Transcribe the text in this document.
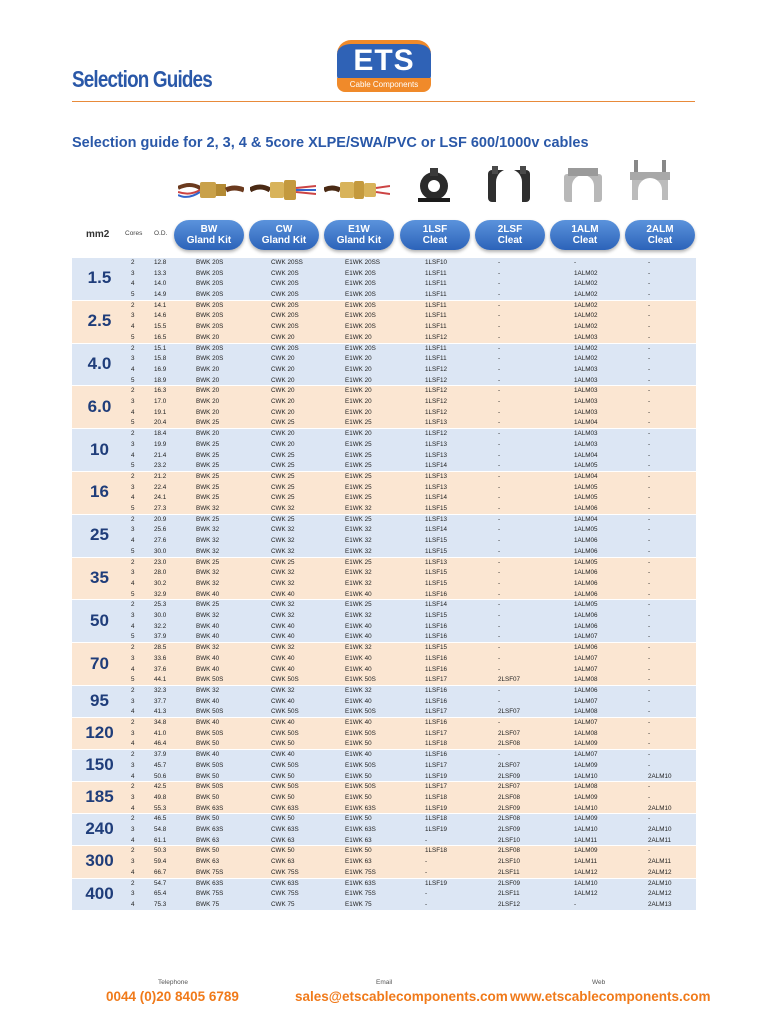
Selection Guides
ETS
Cable Components
Selection guide for 2, 3, 4 & 5core XLPE/SWA/PVC or LSF 600/1000v cables
mm2 Cores O.D.	BW
Gland Kit
CW
Gland Kit
E1W
Gland Kit
1LSF
Cleat
2LSF
Cleat
1ALM
Cleat
2ALM
Cleat
1.5
2	12.8	BWK 20S	CWK 20SS	E1WK 20SS	1LSF10	-	-	-
3	13.3	BWK 20S	CWK 20S	E1WK 20S	1LSF11	-	1ALM02	-
4	14.0	BWK 20S	CWK 20S	E1WK 20S	1LSF11	-	1ALM02	-
5	14.9	BWK 20S	CWK 20S	E1WK 20S	1LSF11	-	1ALM02	-
2.5
2	14.1	BWK 20S	CWK 20S	E1WK 20S	1LSF11	-	1ALM02	-
3	14.6	BWK 20S	CWK 20S	E1WK 20S	1LSF11	-	1ALM02	-
4	15.5	BWK 20S	CWK 20S	E1WK 20S	1LSF11	-	1ALM02	-
5	16.5	BWK 20	CWK 20	E1WK 20	1LSF12	-	1ALM03	-
4.0
2	15.1	BWK 20S	CWK 20S	E1WK 20S	1LSF11	-	1ALM02	-
3	15.8	BWK 20S	CWK 20	E1WK 20	1LSF11	-	1ALM02	-
4	16.9	BWK 20	CWK 20	E1WK 20	1LSF12	-	1ALM03	-
5	18.9	BWK 20	CWK 20	E1WK 20	1LSF12	-	1ALM03	-
6.0
2	16.3	BWK 20	CWK 20	E1WK 20	1LSF12	-	1ALM03	-
3	17.0	BWK 20	CWK 20	E1WK 20	1LSF12	-	1ALM03	-
4	19.1	BWK 20	CWK 20	E1WK 20	1LSF12	-	1ALM03	-
5	20.4	BWK 25	CWK 25	E1WK 25	1LSF13	-	1ALM04	-
10
2	18.4	BWK 20	CWK 20	E1WK 20	1LSF12	-	1ALM03	-
3	19.9	BWK 25	CWK 20	E1WK 25	1LSF13	-	1ALM03	-
4	21.4	BWK 25	CWK 25	E1WK 25	1LSF13	-	1ALM04	-
5	23.2	BWK 25	CWK 25	E1WK 25	1LSF14	-	1ALM05	-
16
2	21.2	BWK 25	CWK 25	E1WK 25	1LSF13	-	1ALM04	-
3	22.4	BWK 25	CWK 25	E1WK 25	1LSF13	-	1ALM05	-
4	24.1	BWK 25	CWK 25	E1WK 25	1LSF14	-	1ALM05	-
5	27.3	BWK 32	CWK 32	E1WK 32	1LSF15	-	1ALM06	-
25
2	20.9	BWK 25	CWK 25	E1WK 25	1LSF13	-	1ALM04	-
3	25.6	BWK 32	CWK 32	E1WK 32	1LSF14	-	1ALM05	-
4	27.6	BWK 32	CWK 32	E1WK 32	1LSF15	-	1ALM06	-
5	30.0	BWK 32	CWK 32	E1WK 32	1LSF15	-	1ALM06	-
35
2	23.0	BWK 25	CWK 25	E1WK 25	1LSF13	-	1ALM05	-
3	28.0	BWK 32	CWK 32	E1WK 32	1LSF15	-	1ALM06	-
4	30.2	BWK 32	CWK 32	E1WK 32	1LSF15	-	1ALM06	-
5	32.9	BWK 40	CWK 40	E1WK 40	1LSF16	-	1ALM06	-
50
2	25.3	BWK 25	CWK 32	E1WK 25	1LSF14	-	1ALM05	-
3	30.0	BWK 32	CWK 32	E1WK 32	1LSF15	-	1ALM06	-
4	32.2	BWK 40	CWK 40	E1WK 40	1LSF16	-	1ALM06	-
5	37.9	BWK 40	CWK 40	E1WK 40	1LSF16	-	1ALM07	-
70
2	28.5	BWK 32	CWK 32	E1WK 32	1LSF15	-	1ALM06	-
3	33.6	BWK 40	CWK 40	E1WK 40	1LSF16	-	1ALM07	-
4	37.6	BWK 40	CWK 40	E1WK 40	1LSF16	-	1ALM07	-
5	44.1	BWK 50S	CWK 50S	E1WK 50S	1LSF17	2LSF07	1ALM08	-
95
2	32.3	BWK 32	CWK 32	E1WK 32	1LSF16	-	1ALM06	-
3	37.7	BWK 40	CWK 40	E1WK 40	1LSF16	-	1ALM07	-
4	41.3	BWK 50S	CWK 50S	E1WK 50S	1LSF17	2LSF07	1ALM08	-
120
2	34.8	BWK 40	CWK 40	E1WK 40	1LSF16	-	1ALM07	-
3	41.0	BWK 50S	CWK 50S	E1WK 50S	1LSF17	2LSF07	1ALM08	-
4	46.4	BWK 50	CWK 50	E1WK 50	1LSF18	2LSF08	1ALM09	-
150
2	37.9	BWK 40	CWK 40	E1WK 40	1LSF16	-	1ALM07	-
3	45.7	BWK 50S	CWK 50S	E1WK 50S	1LSF17	2LSF07	1ALM09	-
4	50.6	BWK 50	CWK 50	E1WK 50	1LSF19	2LSF09	1ALM10	2ALM10
185
2	42.5	BWK 50S	CWK 50S	E1WK 50S	1LSF17	2LSF07	1ALM08	-
3	49.8	BWK 50	CWK 50	E1WK 50	1LSF18	2LSF08	1ALM09	-
4	55.3	BWK 63S	CWK 63S	E1WK 63S	1LSF19	2LSF09	1ALM10	2ALM10
240
2	46.5	BWK 50	CWK 50	E1WK 50	1LSF18	2LSF08	1ALM09	-
3	54.8	BWK 63S	CWK 63S	E1WK 63S	1LSF19	2LSF09	1ALM10	2ALM10
4	61.1	BWK 63	CWK 63	E1WK 63	-	2LSF10	1ALM11	2ALM11
300
2	50.3	BWK 50	CWK 50	E1WK 50	1LSF18	2LSF08	1ALM09	-
3	59.4	BWK 63	CWK 63	E1WK 63	-	2LSF10	1ALM11	2ALM11
4	66.7	BWK 75S	CWK 75S	E1WK 75S	-	2LSF11	1ALM12	2ALM12
400
2	54.7	BWK 63S	CWK 63S	E1WK 63S	1LSF19	2LSF09	1ALM10	2ALM10
3	65.4	BWK 75S	CWK 75S	E1WK 75S	-	2LSF11	1ALM12	2ALM12
4	75.3	BWK 75	CWK 75	E1WK 75	-	2LSF12	-	2ALM13
Telephone
0044 (0)20 8405 6789
Email
sales@etscablecomponents.com
Web
www.etscablecomponents.com
